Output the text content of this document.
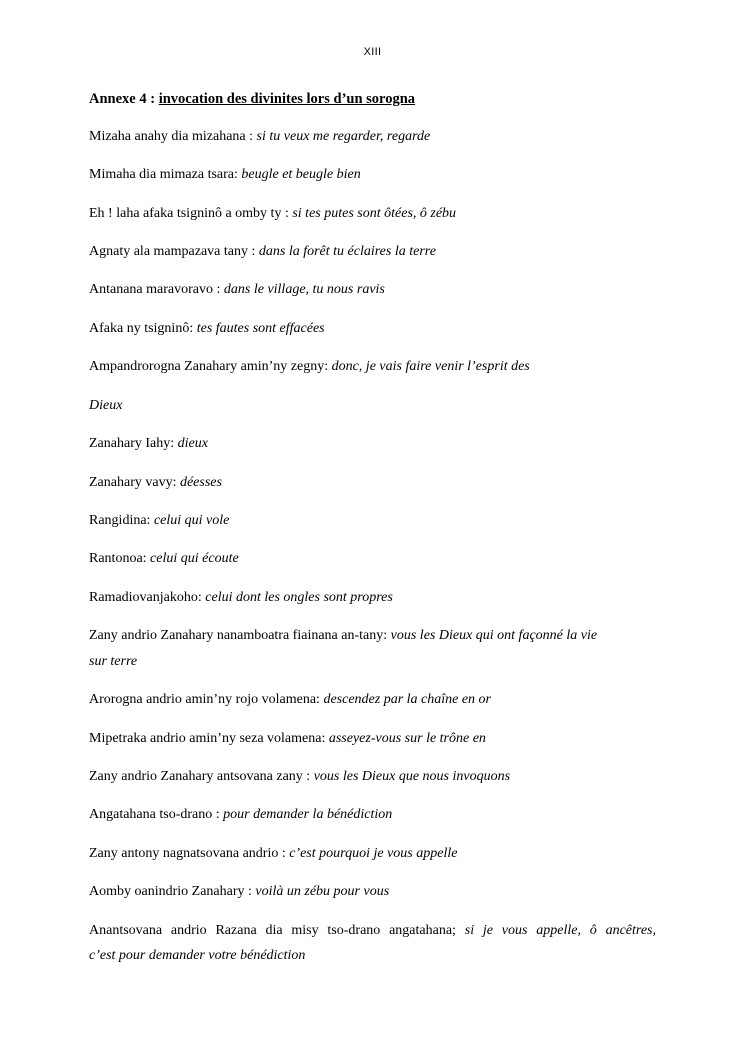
XIII
Annexe 4 : invocation des divinites lors d’un sorogna
Mizaha anahy dia mizahana : si tu veux me regarder, regarde
Mimaha dia mimaza tsara: beugle et beugle bien
Eh ! laha afaka tsigninô a omby ty : si tes putes sont ôtées, ô zébu
Agnaty ala mampazava tany : dans la forêt tu éclaires la terre
Antanana maravoravo : dans le village, tu nous ravis
Afaka ny tsigninô: tes fautes sont effacées
Ampandrorogna Zanahary amin’ny zegny: donc, je vais faire venir l’esprit des
Dieux
Zanahary Iahy: dieux
Zanahary vavy: déesses
Rangidina: celui qui vole
Rantonoa: celui qui écoute
Ramadiovanjakoho: celui dont les ongles sont propres
Zany andrio Zanahary nanamboatra fiainana an-tany: vous les Dieux qui ont façonné la vie
sur terre
Arorogna andrio amin’ny rojo volamena: descendez par la chaîne en or
Mipetraka andrio amin’ny seza volamena: asseyez-vous sur le trône en
Zany andrio Zanahary antsovana zany : vous les Dieux que nous invoquons
Angatahana tso-drano : pour demander la bénédiction
Zany antony nagnatsovana andrio : c’est pourquoi je vous appelle
Aomby oanindrio Zanahary : voilà un zébu pour vous
Anantsovana andrio Razana dia misy tso-drano angatahana; si je vous appelle, ô ancêtres,
c’est pour demander votre bénédiction
